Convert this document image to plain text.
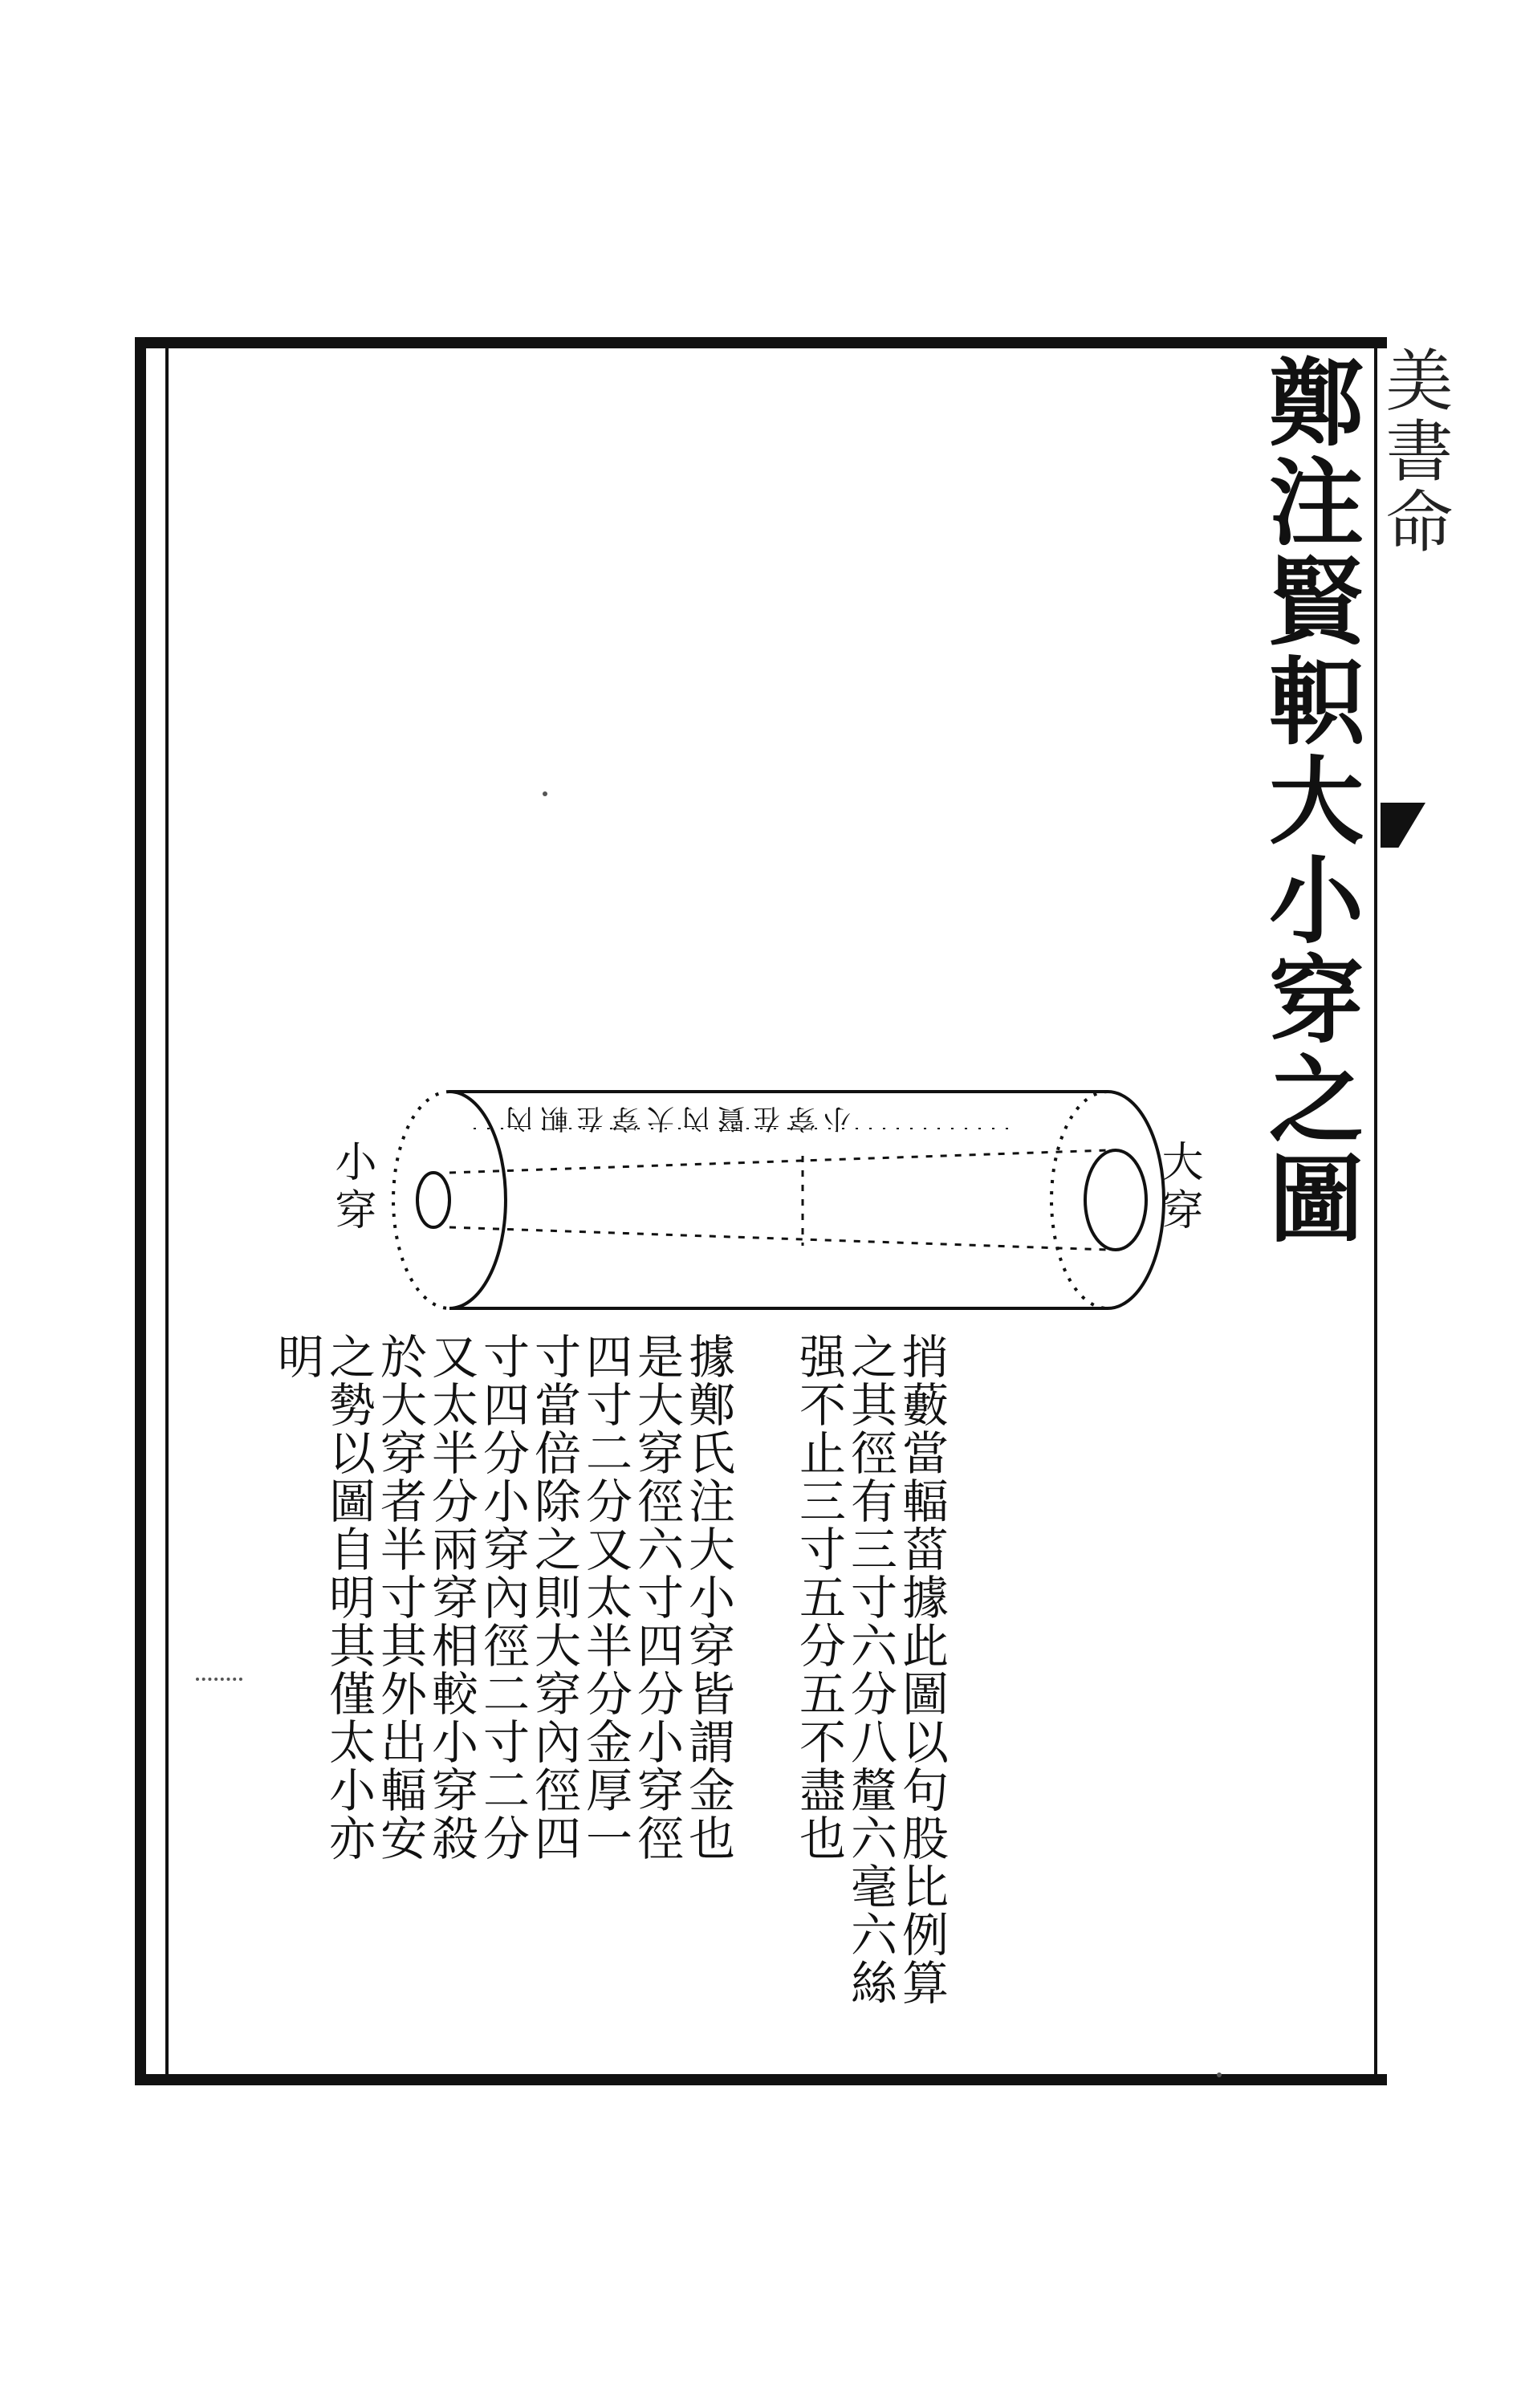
美書命
鄭注賢軹大小穿之圖
小穿在賢內大穿在軹內
小穿	大穿
捎藪當輻菑據此圖以句股比例算
之其徑有三寸六分八釐六毫六絲
强不止三寸五分五不盡也
據鄭氏注大小穿皆謂金也
是大穿徑六寸四分小穿徑
四寸二分又太半分金厚一
寸當倍除之則大穿內徑四
寸四分小穿內徑二寸二分
又太半分兩穿相較小穿殺
於大穿者半寸其外出輻安
之勢以圖自明其僅太小亦
明
